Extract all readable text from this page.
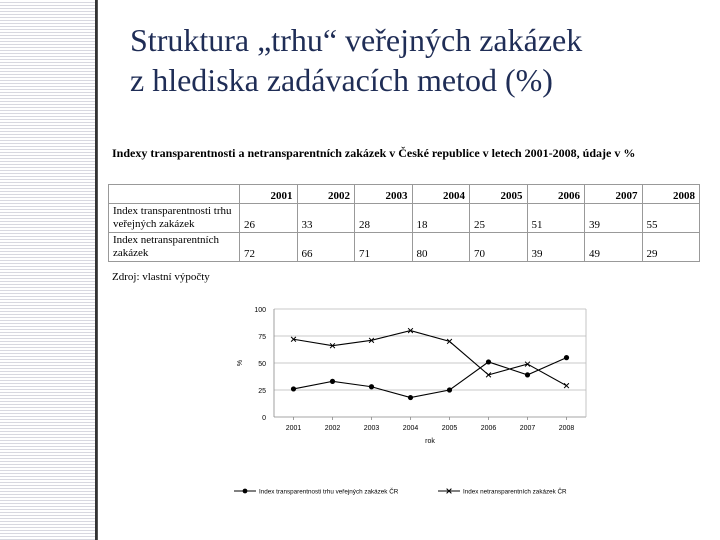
Struktura „trhu“ veřejných zakázek
z hlediska zadávacích metod (%)
Indexy transparentnosti a netransparentních zakázek v České republice v letech 2001-2008, údaje v %
	2001	2002	2003	2004	2005	2006	2007	2008
Index transparentnosti trhu veřejných zakázek	26	33	28	18	25	51	39	55
Index netransparentních zakázek	72	66	71	80	70	39	49	29
Zdroj: vlastní výpočty
0
25
50
75
100
2001	2002	2003	2004	2005	2006	2007	2008
rok
%
Index transparentnosti trhu veřejných zakázek ČR	Index netransparentních zakázek ČR
